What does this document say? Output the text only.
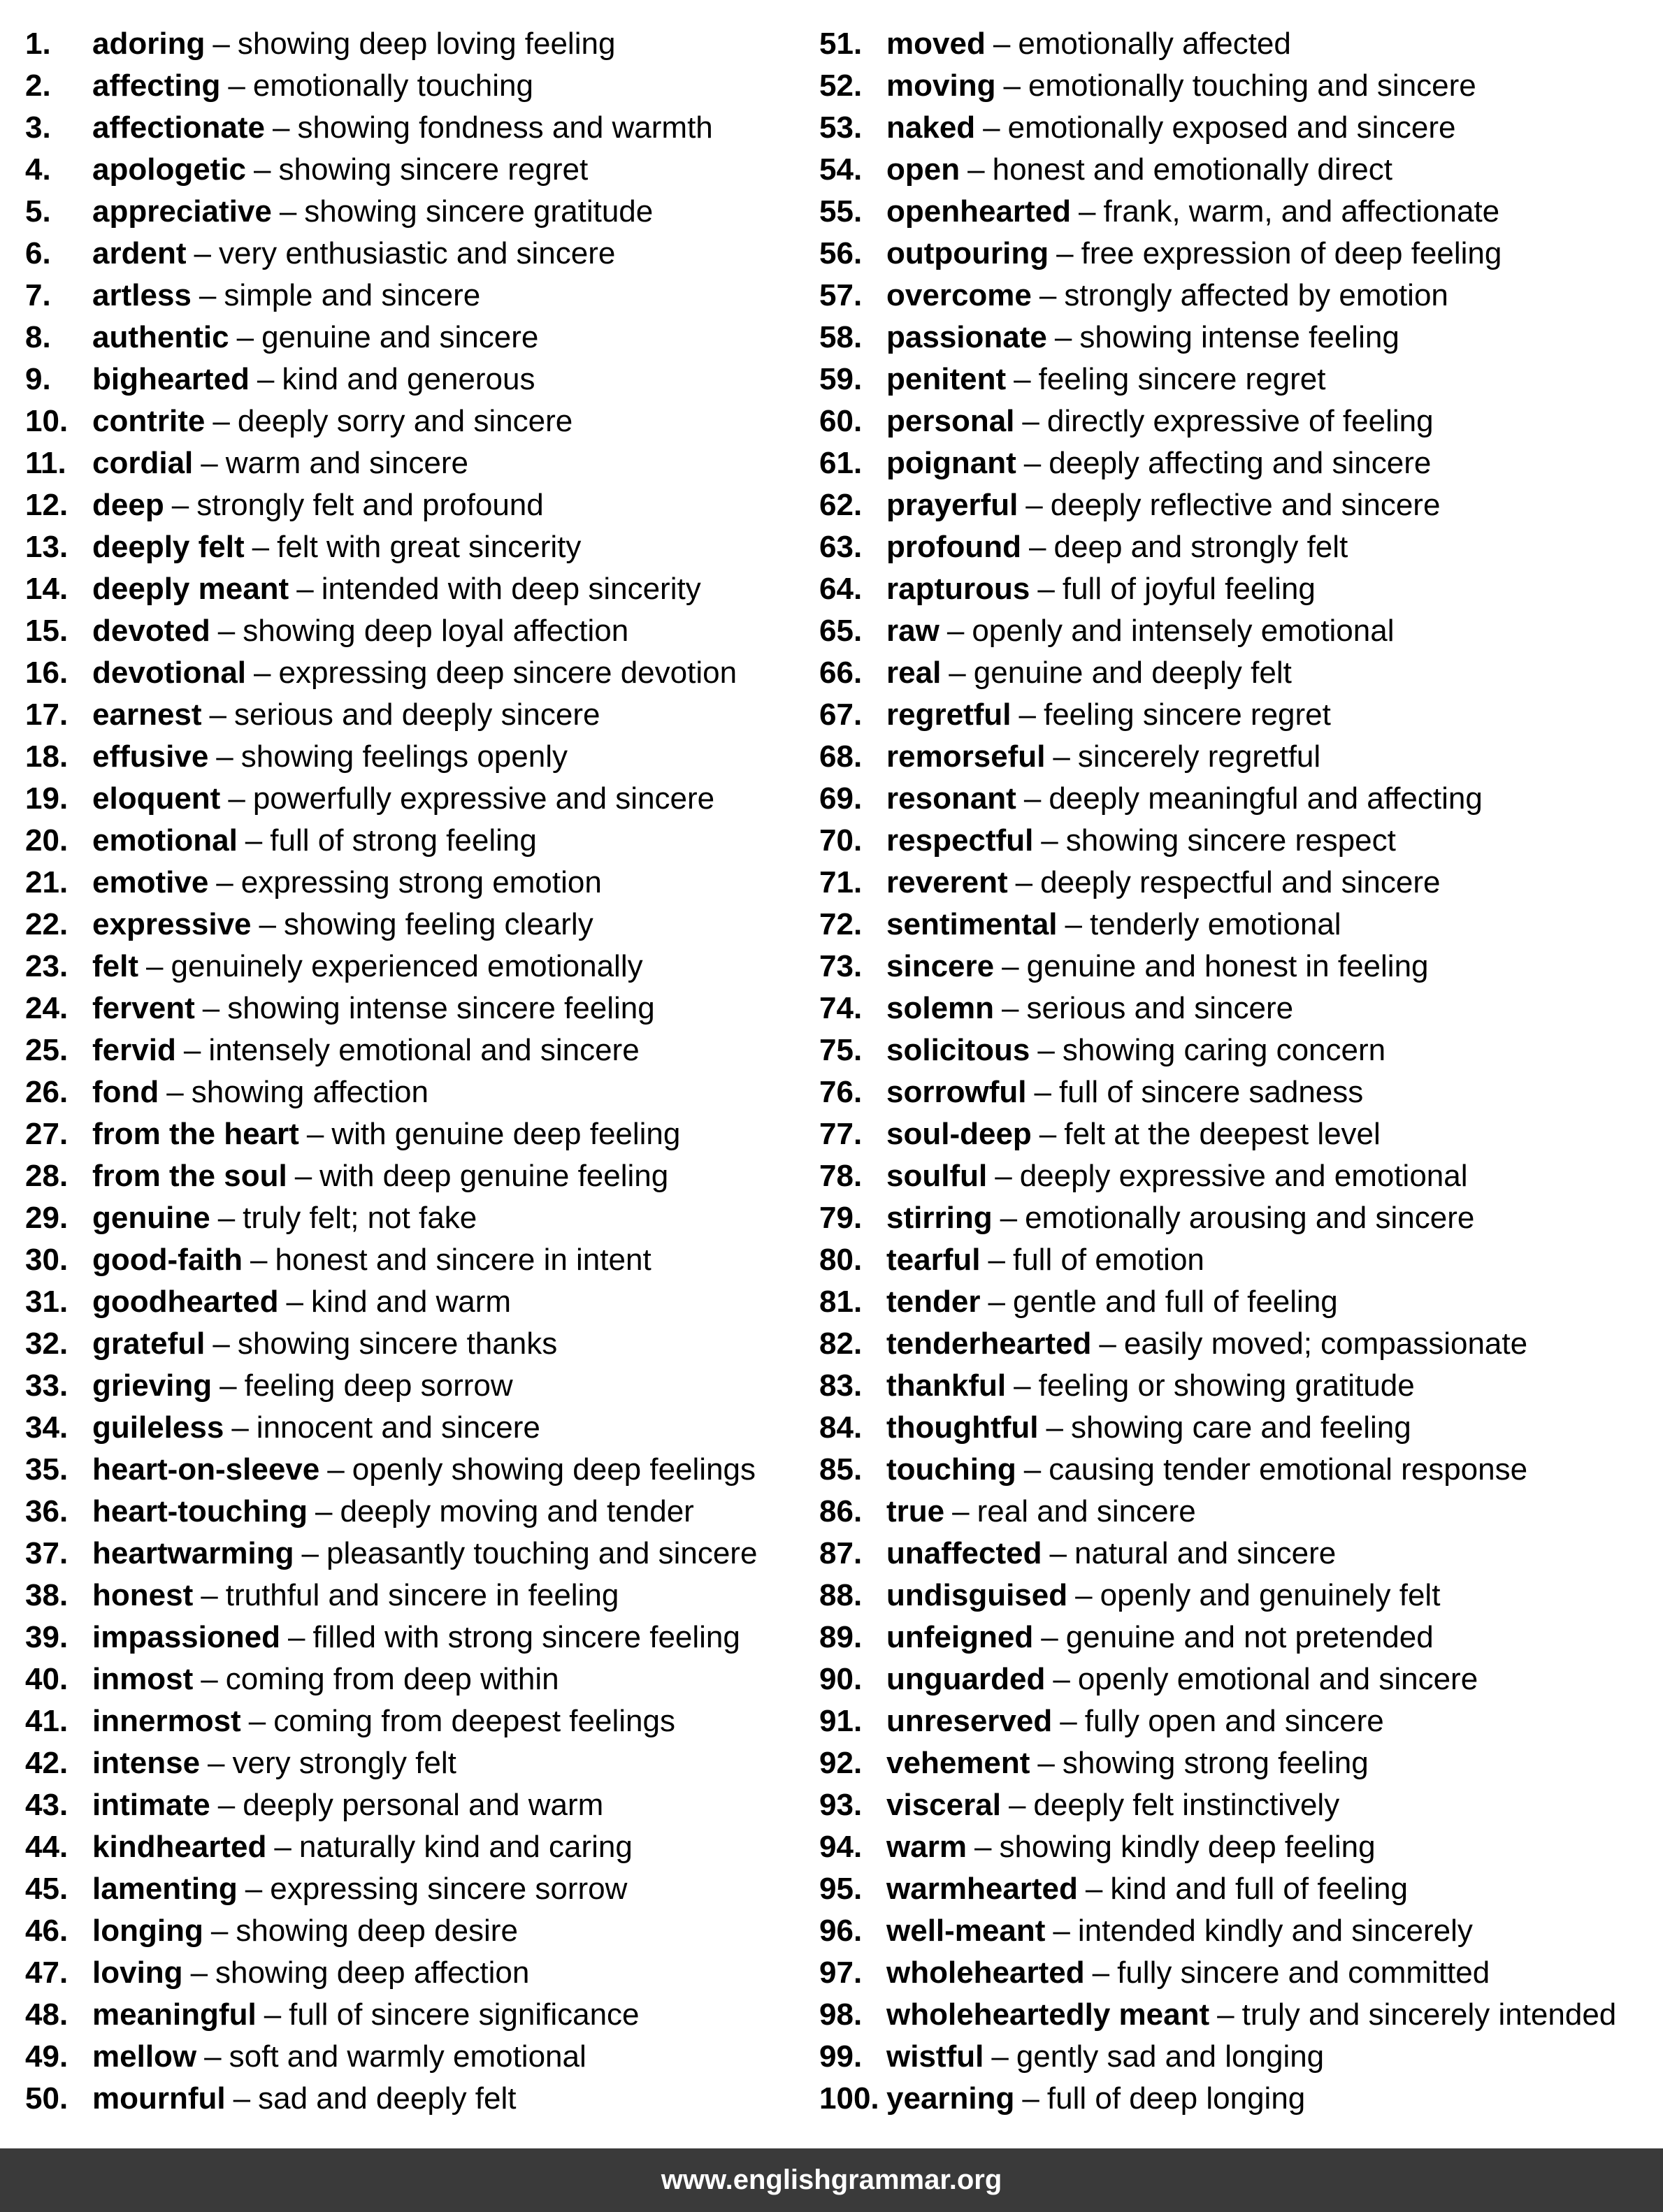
1.	adoring – showing deep loving feeling
2.	affecting – emotionally touching
3.	affectionate – showing fondness and warmth
4.	apologetic – showing sincere regret
5.	appreciative – showing sincere gratitude
6.	ardent – very enthusiastic and sincere
7.	artless – simple and sincere
8.	authentic – genuine and sincere
9.	bighearted – kind and generous
10. contrite – deeply sorry and sincere
11. cordial – warm and sincere
12. deep – strongly felt and profound
13. deeply felt – felt with great sincerity
14. deeply meant – intended with deep sincerity
15. devoted – showing deep loyal affection
16. devotional – expressing deep sincere devotion
17. earnest – serious and deeply sincere
18. effusive – showing feelings openly
19. eloquent – powerfully expressive and sincere
20. emotional – full of strong feeling
21. emotive – expressing strong emotion
22. expressive – showing feeling clearly
23. felt – genuinely experienced emotionally
24. fervent – showing intense sincere feeling
25. fervid – intensely emotional and sincere
26. fond – showing affection
27. from the heart – with genuine deep feeling
28. from the soul – with deep genuine feeling
29. genuine – truly felt; not fake
30. good-faith – honest and sincere in intent
31. goodhearted – kind and warm
32. grateful – showing sincere thanks
33. grieving – feeling deep sorrow
34. guileless – innocent and sincere
35. heart-on-sleeve – openly showing deep feelings
36. heart-touching – deeply moving and tender
37. heartwarming – pleasantly touching and sincere
38. honest – truthful and sincere in feeling
39. impassioned – filled with strong sincere feeling
40. inmost – coming from deep within
41. innermost – coming from deepest feelings
42. intense – very strongly felt
43. intimate – deeply personal and warm
44. kindhearted – naturally kind and caring
45. lamenting – expressing sincere sorrow
46. longing – showing deep desire
47. loving – showing deep affection
48. meaningful – full of sincere significance
49. mellow – soft and warmly emotional
50. mournful – sad and deeply felt
51. moved – emotionally affected
52. moving – emotionally touching and sincere
53. naked – emotionally exposed and sincere
54. open – honest and emotionally direct
55. openhearted – frank, warm, and affectionate
56. outpouring – free expression of deep feeling
57. overcome – strongly affected by emotion
58. passionate – showing intense feeling
59. penitent – feeling sincere regret
60. personal – directly expressive of feeling
61. poignant – deeply affecting and sincere
62. prayerful – deeply reflective and sincere
63. profound – deep and strongly felt
64. rapturous – full of joyful feeling
65. raw – openly and intensely emotional
66. real – genuine and deeply felt
67. regretful – feeling sincere regret
68. remorseful – sincerely regretful
69. resonant – deeply meaningful and affecting
70. respectful – showing sincere respect
71. reverent – deeply respectful and sincere
72. sentimental – tenderly emotional
73. sincere – genuine and honest in feeling
74. solemn – serious and sincere
75. solicitous – showing caring concern
76. sorrowful – full of sincere sadness
77. soul-deep – felt at the deepest level
78. soulful – deeply expressive and emotional
79. stirring – emotionally arousing and sincere
80. tearful – full of emotion
81. tender – gentle and full of feeling
82. tenderhearted – easily moved; compassionate
83. thankful – feeling or showing gratitude
84. thoughtful – showing care and feeling
85. touching – causing tender emotional response
86. true – real and sincere
87. unaffected – natural and sincere
88. undisguised – openly and genuinely felt
89. unfeigned – genuine and not pretended
90. unguarded – openly emotional and sincere
91. unreserved – fully open and sincere
92. vehement – showing strong feeling
93. visceral – deeply felt instinctively
94. warm – showing kindly deep feeling
95. warmhearted – kind and full of feeling
96. well-meant – intended kindly and sincerely
97. wholehearted – fully sincere and committed
98. wholeheartedly meant – truly and sincerely intended
99. wistful – gently sad and longing
100. yearning – full of deep longing
www.englishgrammar.org
